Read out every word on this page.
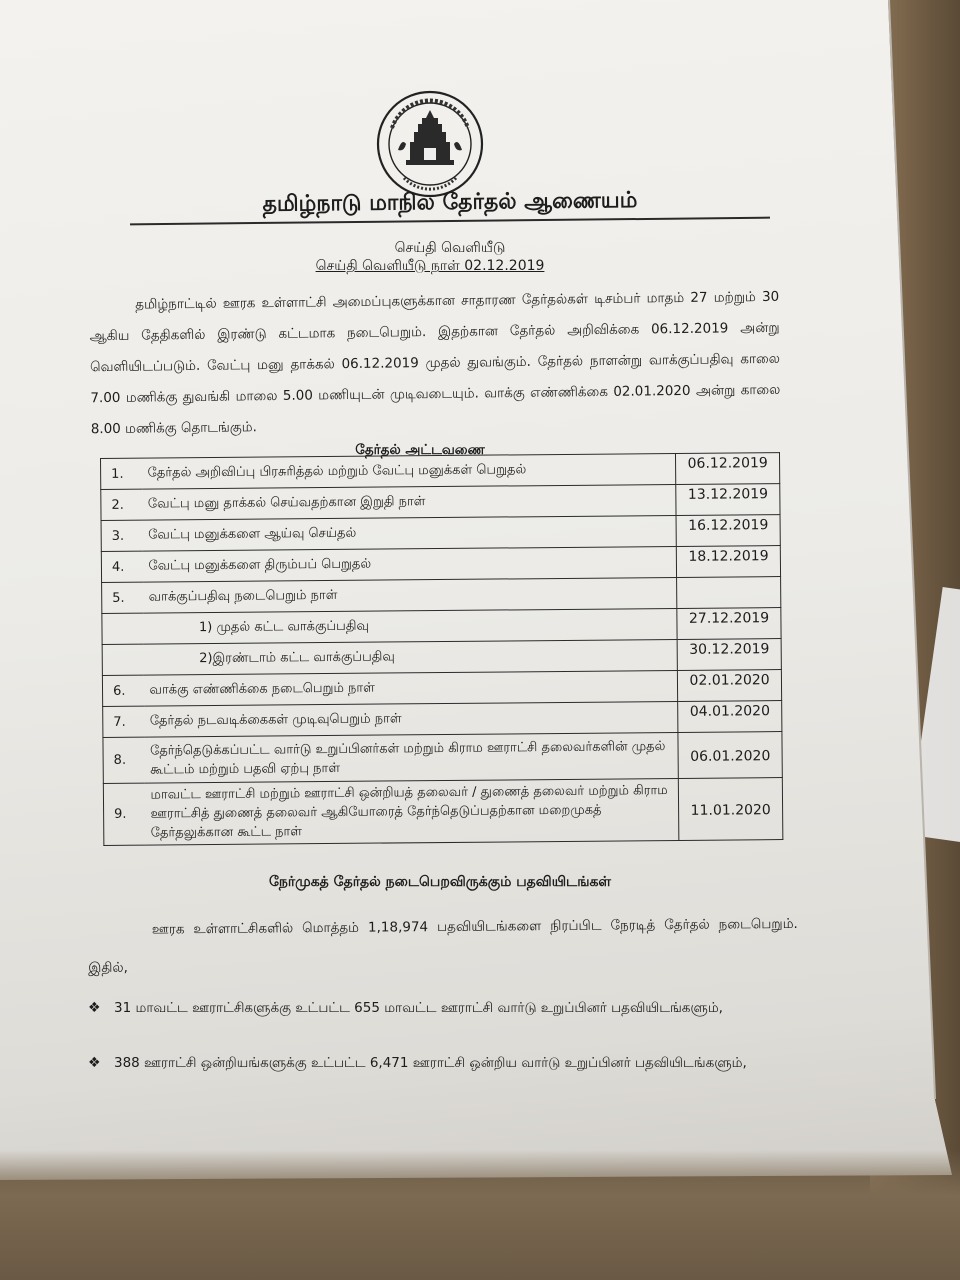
தமிழ்நாடு மாநில தேர்தல் ஆணையம்
செய்தி வெளியீடு
செய்தி வெளியீடு நாள் 02.12.2019

தமிழ்நாட்டில் ஊரக உள்ளாட்சி அமைப்புகளுக்கான சாதாரண தேர்தல்கள் டிசம்பர் மாதம் 27 மற்றும் 30 ஆகிய தேதிகளில் இரண்டு கட்டமாக நடைபெறும். இதற்கான தேர்தல் அறிவிக்கை 06.12.2019 அன்று வெளியிடப்படும். வேட்பு மனு தாக்கல் 06.12.2019 முதல் துவங்கும். தேர்தல் நாளன்று வாக்குப்பதிவு காலை 7.00 மணிக்கு துவங்கி மாலை 5.00 மணியுடன் முடிவடையும். வாக்கு எண்ணிக்கை 02.01.2020 அன்று காலை 8.00 மணிக்கு தொடங்கும்.

தேர்தல் அட்டவணை
1.	தேர்தல் அறிவிப்பு பிரசுரித்தல் மற்றும் வேட்பு மனுக்கள் பெறுதல்	06.12.2019
2.	வேட்பு மனு தாக்கல் செய்வதற்கான இறுதி நாள்	13.12.2019
3.	வேட்பு மனுக்களை ஆய்வு செய்தல்	16.12.2019
4.	வேட்பு மனுக்களை திரும்பப் பெறுதல்	18.12.2019
5.	வாக்குப்பதிவு நடைபெறும் நாள்	
	1) முதல் கட்ட வாக்குப்பதிவு	27.12.2019
	2)இரண்டாம் கட்ட வாக்குப்பதிவு	30.12.2019
6.	வாக்கு எண்ணிக்கை நடைபெறும் நாள்	02.01.2020
7.	தேர்தல் நடவடிக்கைகள் முடிவுபெறும் நாள்	04.01.2020
8.	தேர்ந்தெடுக்கப்பட்ட வார்டு உறுப்பினர்கள் மற்றும் கிராம ஊராட்சி தலைவர்களின் முதல் கூட்டம் மற்றும் பதவி ஏற்பு நாள்	06.01.2020
9.	மாவட்ட ஊராட்சி மற்றும் ஊராட்சி ஒன்றியத் தலைவர் / துணைத் தலைவர் மற்றும் கிராம ஊராட்சித் துணைத் தலைவர் ஆகியோரைத் தேர்ந்தெடுப்பதற்கான மறைமுகத் தேர்தலுக்கான கூட்ட நாள்	11.01.2020
நேர்முகத் தேர்தல் நடைபெறவிருக்கும் பதவியிடங்கள்

ஊரக உள்ளாட்சிகளில் மொத்தம் 1,18,974 பதவியிடங்களை நிரப்பிட நேரடித் தேர்தல் நடைபெறும். இதில்,

❖ 31 மாவட்ட ஊராட்சிகளுக்கு உட்பட்ட 655 மாவட்ட ஊராட்சி வார்டு உறுப்பினர் பதவியிடங்களும்,
❖ 388 ஊராட்சி ஒன்றியங்களுக்கு உட்பட்ட 6,471 ஊராட்சி ஒன்றிய வார்டு உறுப்பினர் பதவியிடங்களும்,
